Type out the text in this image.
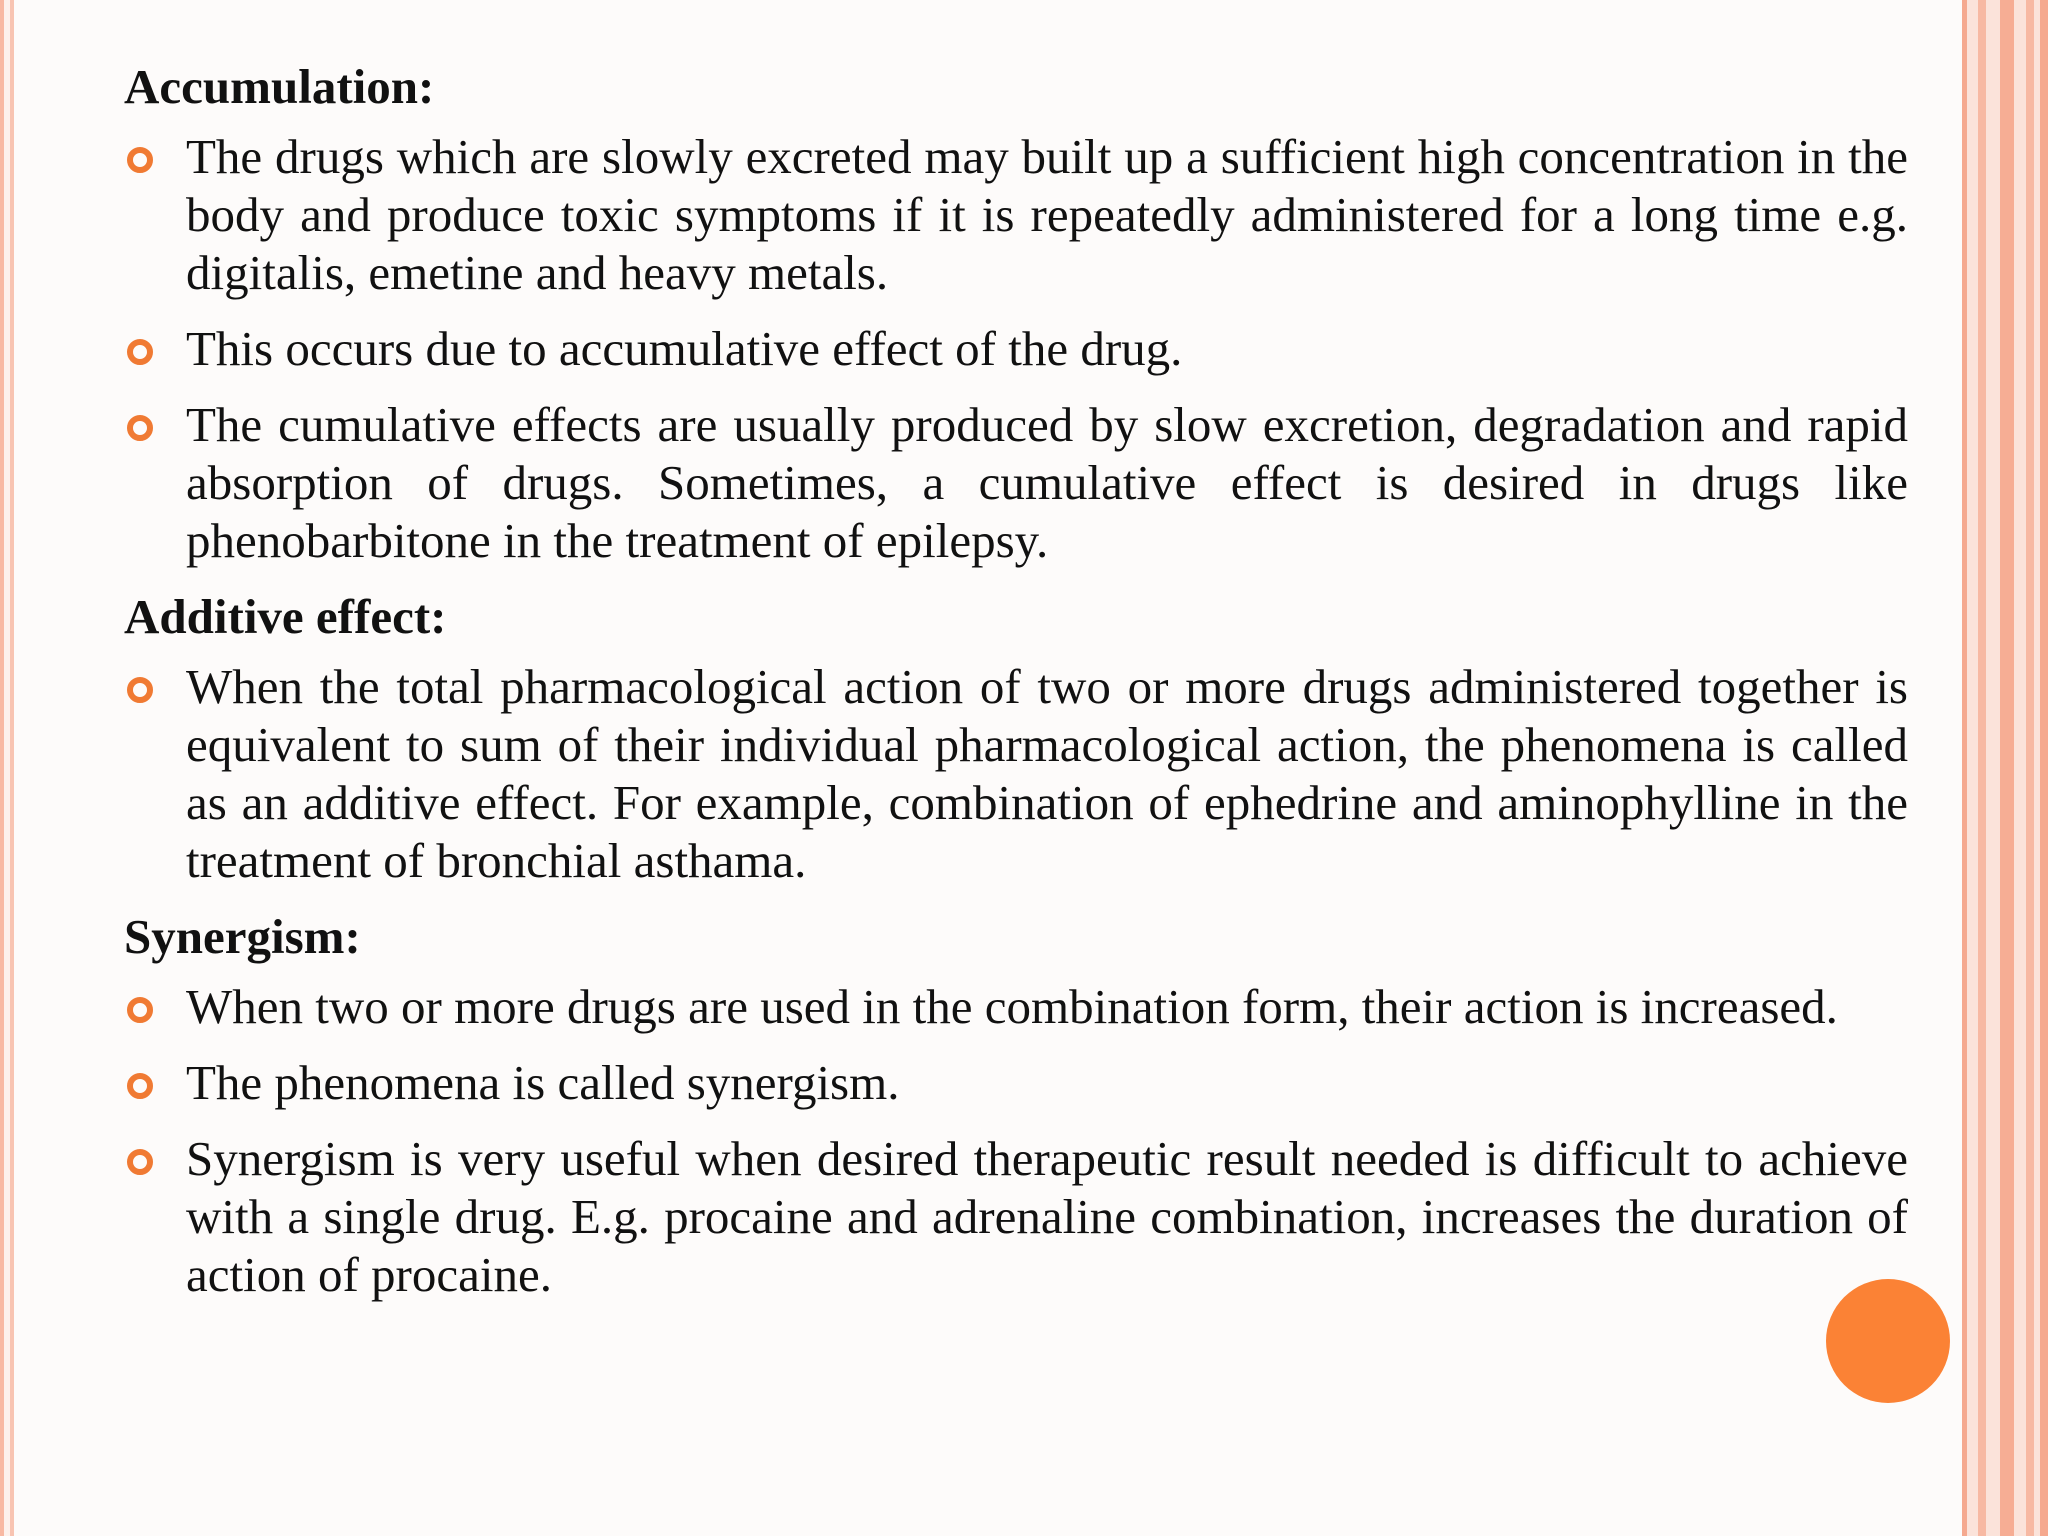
Accumulation:
The drugs which are slowly excreted may built up a sufficient high concentration in the body and produce toxic symptoms if it is repeatedly administered for a long time e.g. digitalis, emetine and heavy metals.
This occurs due to accumulative effect of the drug.
The cumulative effects are usually produced by slow excretion, degradation and rapid absorption of drugs. Sometimes, a cumulative effect is desired in drugs like phenobarbitone in the treatment of epilepsy.
Additive effect:
When the total pharmacological action of two or more drugs administered together is equivalent to sum of their individual pharmacological action, the phenomena is called as an additive effect. For example, combination of ephedrine and aminophylline in the treatment of bronchial asthama.
Synergism:
When two or more drugs are used in the combination form, their action is increased.
The phenomena is called synergism.
Synergism is very useful when desired therapeutic result needed is difficult to achieve with a single drug. E.g. procaine and adrenaline combination, increases the duration of action of procaine.
